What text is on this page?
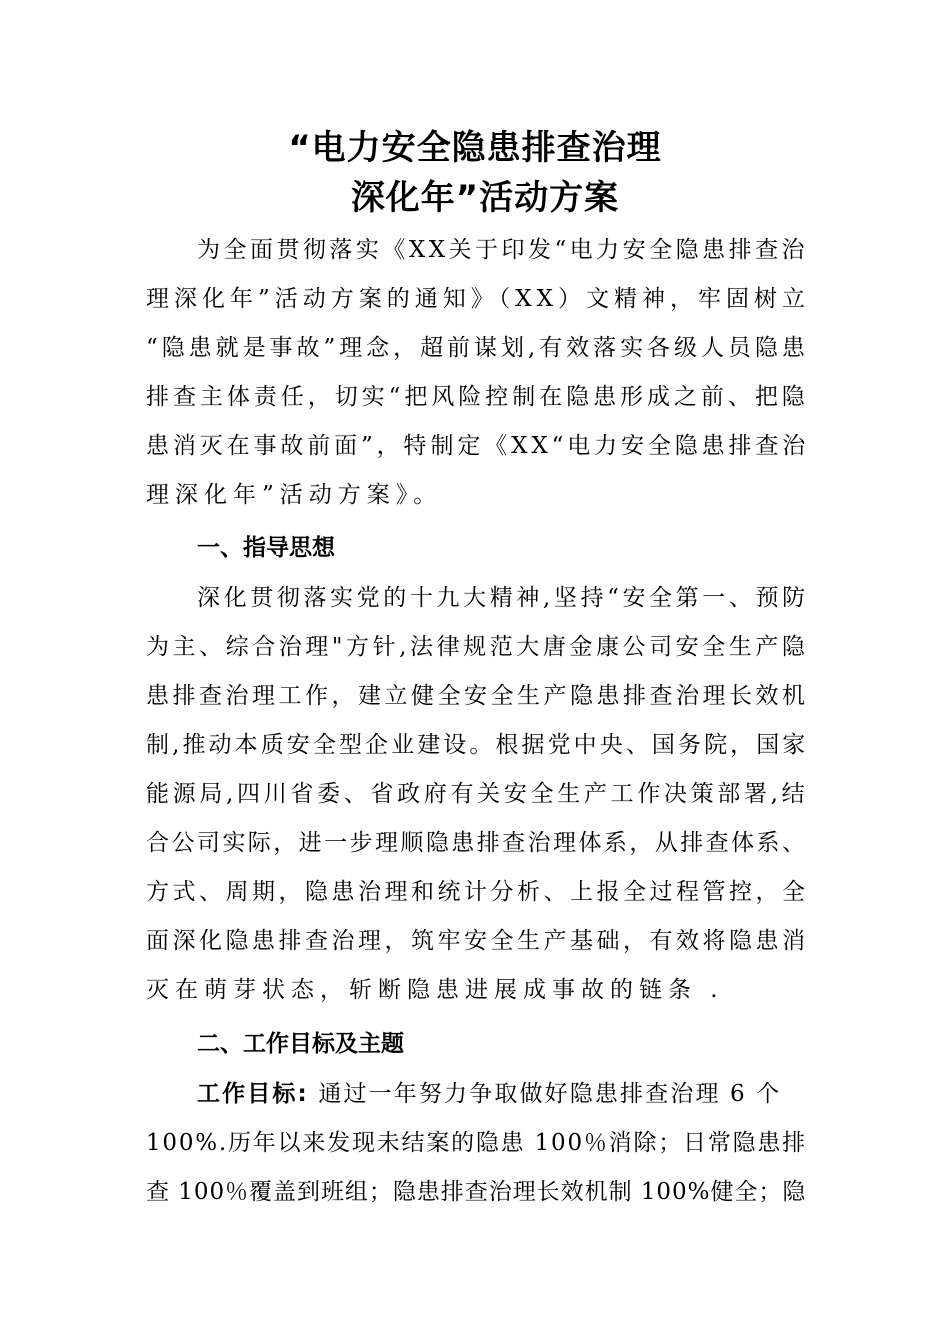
“电力安全隐患排查治理
深化年”活动方案
为全面贯彻落实《XX关于印发“电力安全隐患排查治
理深化年”活动方案的通知》（XX）文精神，牢固树立
“隐患就是事故”理念，超前谋划,有效落实各级人员隐患
排查主体责任，切实“把风险控制在隐患形成之前、把隐
患消灭在事故前面”，特制定《XX“电力安全隐患排查治
理深化年”活动方案》。
一、指导思想
深化贯彻落实党的十九大精神,坚持“安全第一、预防
为主、综合治理"方针,法律规范大唐金康公司安全生产隐
患排查治理工作，建立健全安全生产隐患排查治理长效机
制,推动本质安全型企业建设。根据党中央、国务院，国家
能源局,四川省委、省政府有关安全生产工作决策部署,结
合公司实际，进一步理顺隐患排查治理体系，从排查体系、
方式、周期，隐患治理和统计分析、上报全过程管控，全
面深化隐患排查治理，筑牢安全生产基础，有效将隐患消
灭在萌芽状态，斩断隐患进展成事故的链条 .
二、工作目标及主题
工作目标: 通过一年努力争取做好隐患排查治理 6 个
100%.历年以来发现未结案的隐患 100％消除；日常隐患排
查 100％覆盖到班组；隐患排查治理长效机制 100%健全；隐
